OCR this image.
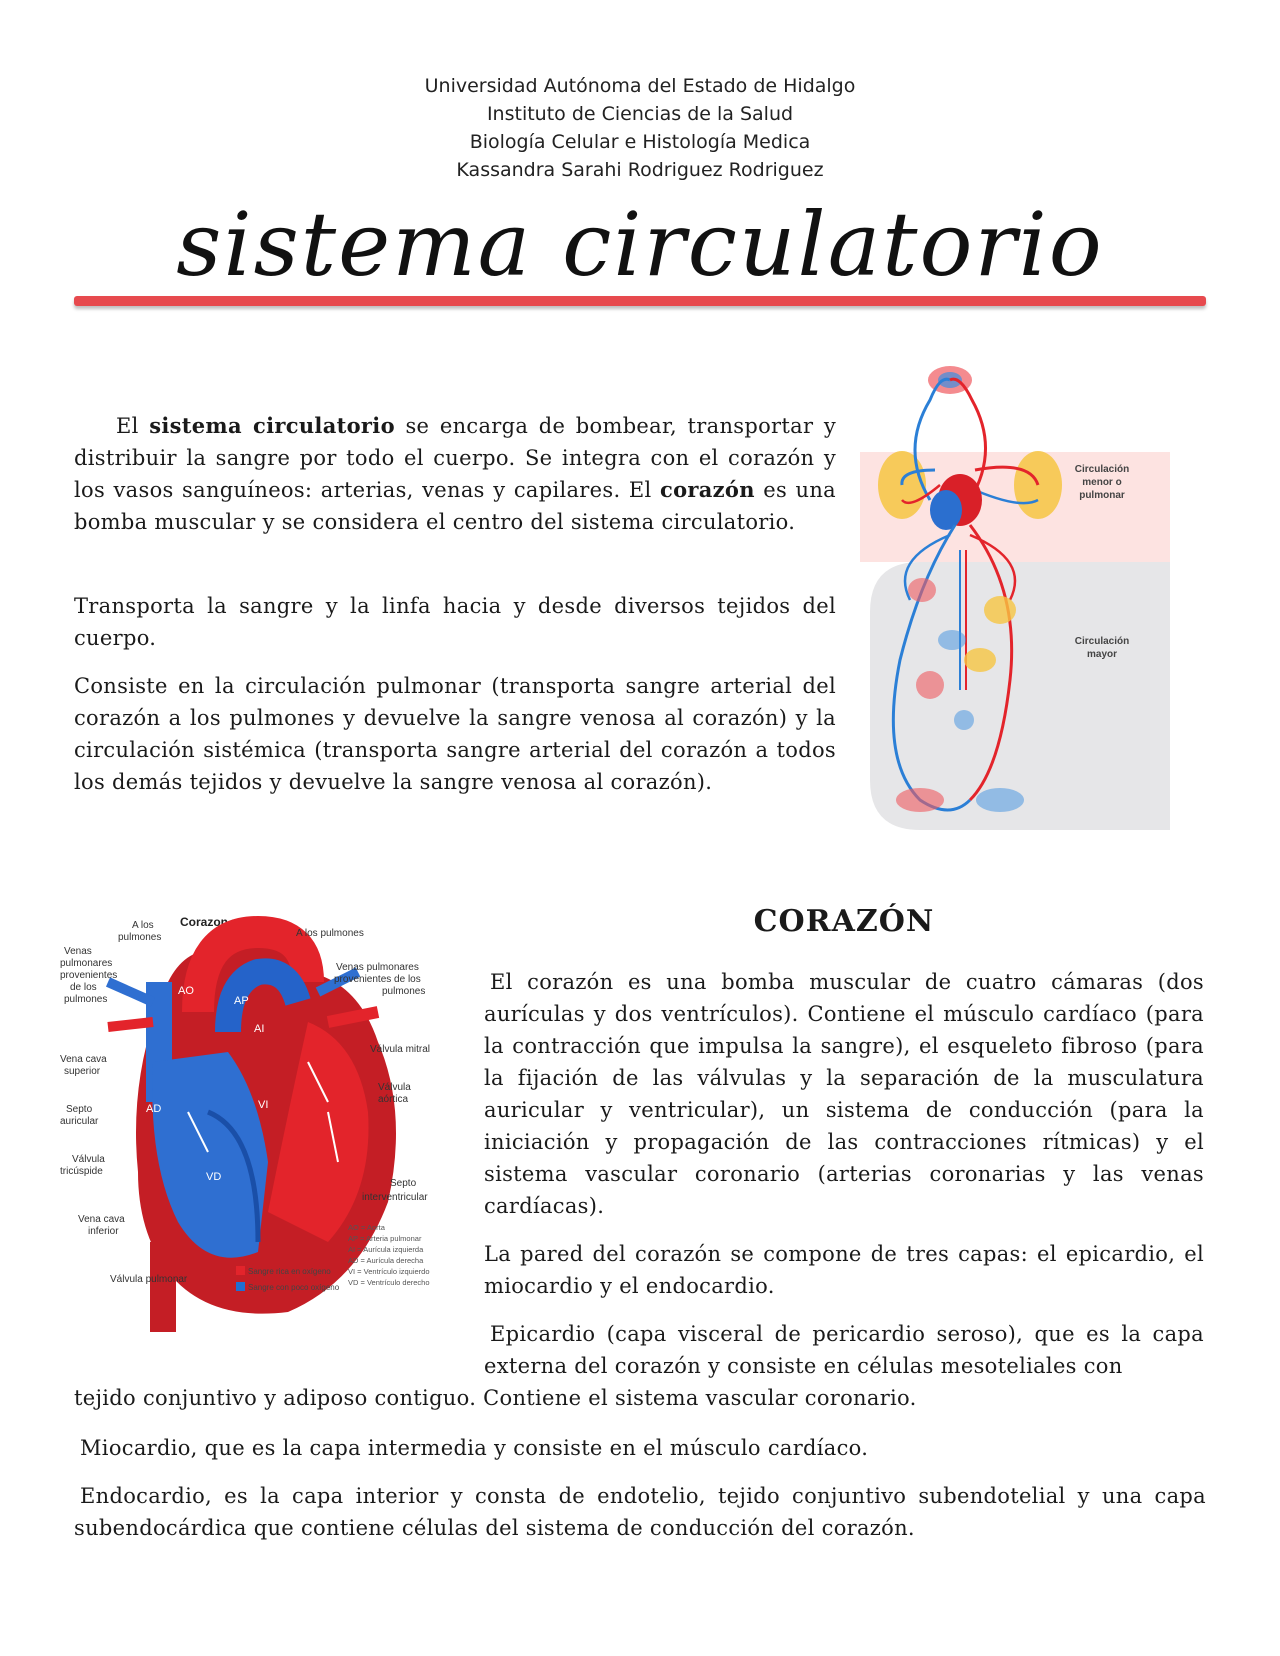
Universidad Autónoma del Estado de Hidalgo
Instituto de Ciencias de la Salud
Biología Celular e Histología Medica
Kassandra Sarahi Rodriguez Rodriguez
sistema circulatorio

El sistema circulatorio se encarga de bombear, transportar y distribuir la sangre por todo el cuerpo. Se integra con el corazón y los vasos sanguíneos: arterias, venas y capilares. El corazón es una bomba muscular y se considera el centro del sistema circulatorio.

Transporta la sangre y la linfa hacia y desde diversos tejidos del cuerpo.

Consiste en la circulación pulmonar (transporta sangre arterial del corazón a los pulmones y devuelve la sangre venosa al corazón) y la circulación sistémica (transporta sangre arterial del corazón a todos los demás tejidos y devuelve la sangre venosa al corazón).

Circulación
menor o
pulmonar
Circulación
mayor
Corazon normal
AO
AP
AI
AD	VI
VD
A los
pulmones
Venas
pulmonares
provenientes
de los
pulmones
Vena cava
superior
Septo
auricular
Válvula
tricúspide
Vena cava
inferior
Válvula pulmonar
A los pulmones
Venas pulmonares
provenientes de los
pulmones
Válvula mitral
Válvula
aórtica
Septo
interventricular
AO = Aorta
AP = Arteria pulmonar
AI = Aurícula izquierda
AD = Aurícula derecha
VI = Ventrículo izquierdo
VD = Ventrículo derecho
Sangre rica en oxígeno
Sangre con poco oxígeno
CORAZÓN

El corazón es una bomba muscular de cuatro cámaras (dos aurículas y dos ventrículos). Contiene el músculo cardíaco (para la contracción que impulsa la sangre), el esqueleto fibroso (para la fijación de las válvulas y la separación de la musculatura auricular y ventricular), un sistema de conducción (para la iniciación y propagación de las contracciones rítmicas) y el sistema vascular coronario (arterias coronarias y las venas cardíacas).

La pared del corazón se compone de tres capas: el epicardio, el miocardio y el endocardio.

Epicardio (capa visceral de pericardio seroso), que es la capa externa del corazón y consiste en células mesoteliales con

tejido conjuntivo y adiposo contiguo. Contiene el sistema vascular coronario.

Miocardio, que es la capa intermedia y consiste en el músculo cardíaco.

Endocardio, es la capa interior y consta de endotelio, tejido conjuntivo subendotelial y una capa subendocárdica que contiene células del sistema de conducción del corazón.
